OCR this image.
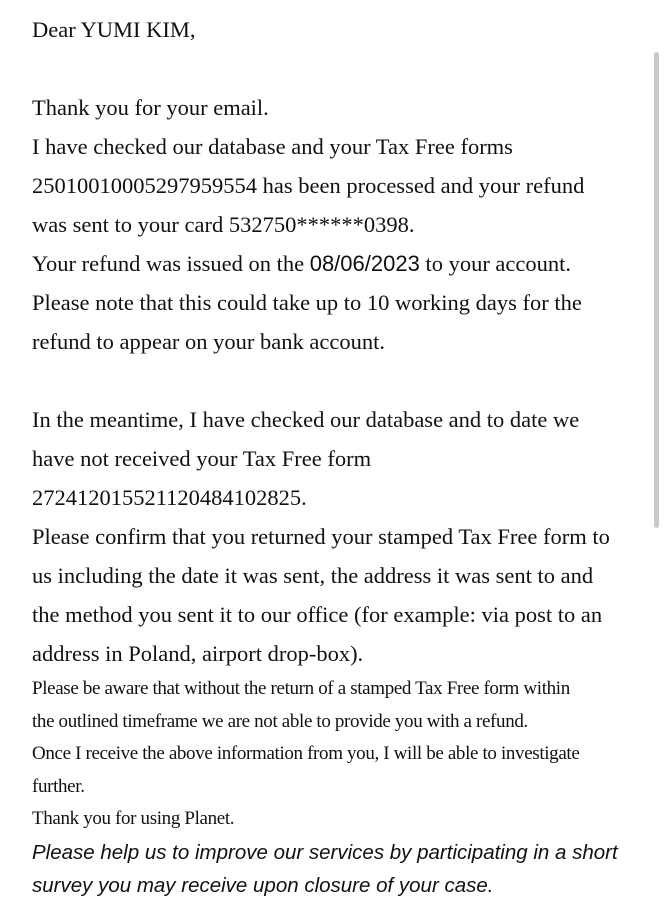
Dear YUMI KIM,

Thank you for your email.

I have checked our database and your Tax Free forms

25010010005297959554 has been processed and your refund

was sent to your card 532750******0398.

Your refund was issued on the 08/06/2023 to your account.

Please note that this could take up to 10 working days for the

refund to appear on your bank account.

In the meantime, I have checked our database and to date we

have not received your Tax Free form

27241201552112048410282​5.

Please confirm that you returned your stamped Tax Free form to

us including the date it was sent, the address it was sent to and

the method you sent it to our office (for example: via post to an

address in Poland, airport drop-box).

Please be aware that without the return of a stamped Tax Free form within

the outlined timeframe we are not able to provide you with a refund.

Once I receive the above information from you, I will be able to investigate

further.

Thank you for using Planet.

Please help us to improve our services by participating in a short

survey you may receive upon closure of your case.
